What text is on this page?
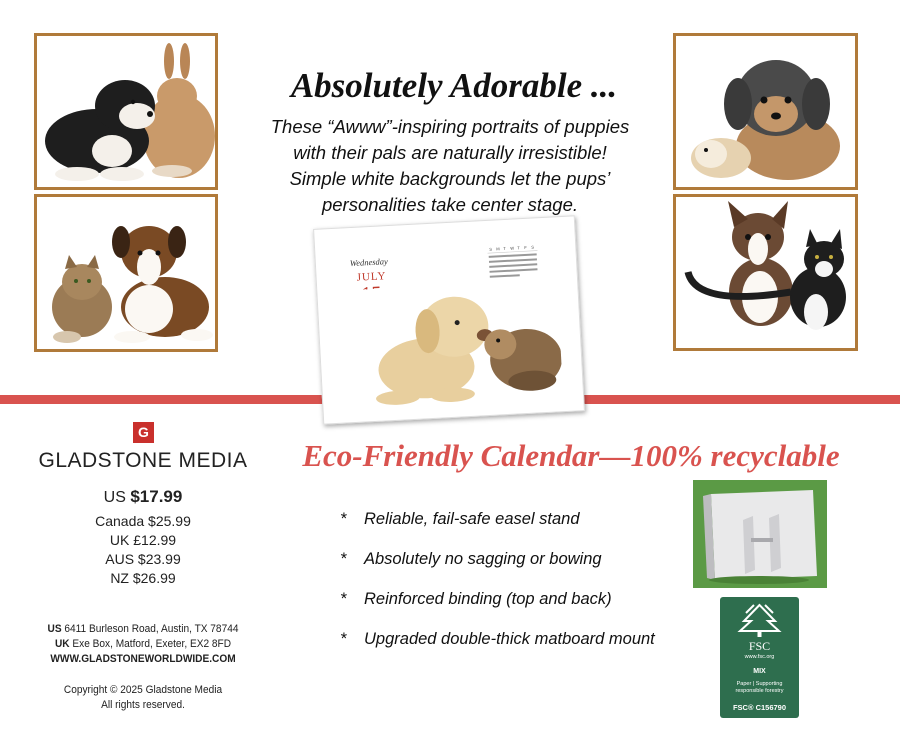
Absolutely Adorable ...
These “Awww”-inspiring portraits of puppies
with their pals are naturally irresistible!
Simple white backgrounds let the pups’
personalities take center stage.
Wednesday
JULY
S M T W T F S
G
GLADSTONE MEDIA
US $17.99
Canada $25.99
UK £12.99
AUS $23.99
NZ $26.99
US 6411 Burleson Road, Austin, TX 78744
UK Exe Box, Matford, Exeter, EX2 8FD
WWW.GLADSTONEWORLDWIDE.COM
Copyright © 2025 Gladstone Media
All rights reserved.
Eco-Friendly Calendar—100% recyclable
* Reliable, fail-safe easel stand
* Absolutely no sagging or bowing
* Reinforced binding (top and back)
* Upgraded double-thick matboard mount	FSC
www.fsc.org
MIX
Paper | Supporting responsible forestry
FSC® C156790
